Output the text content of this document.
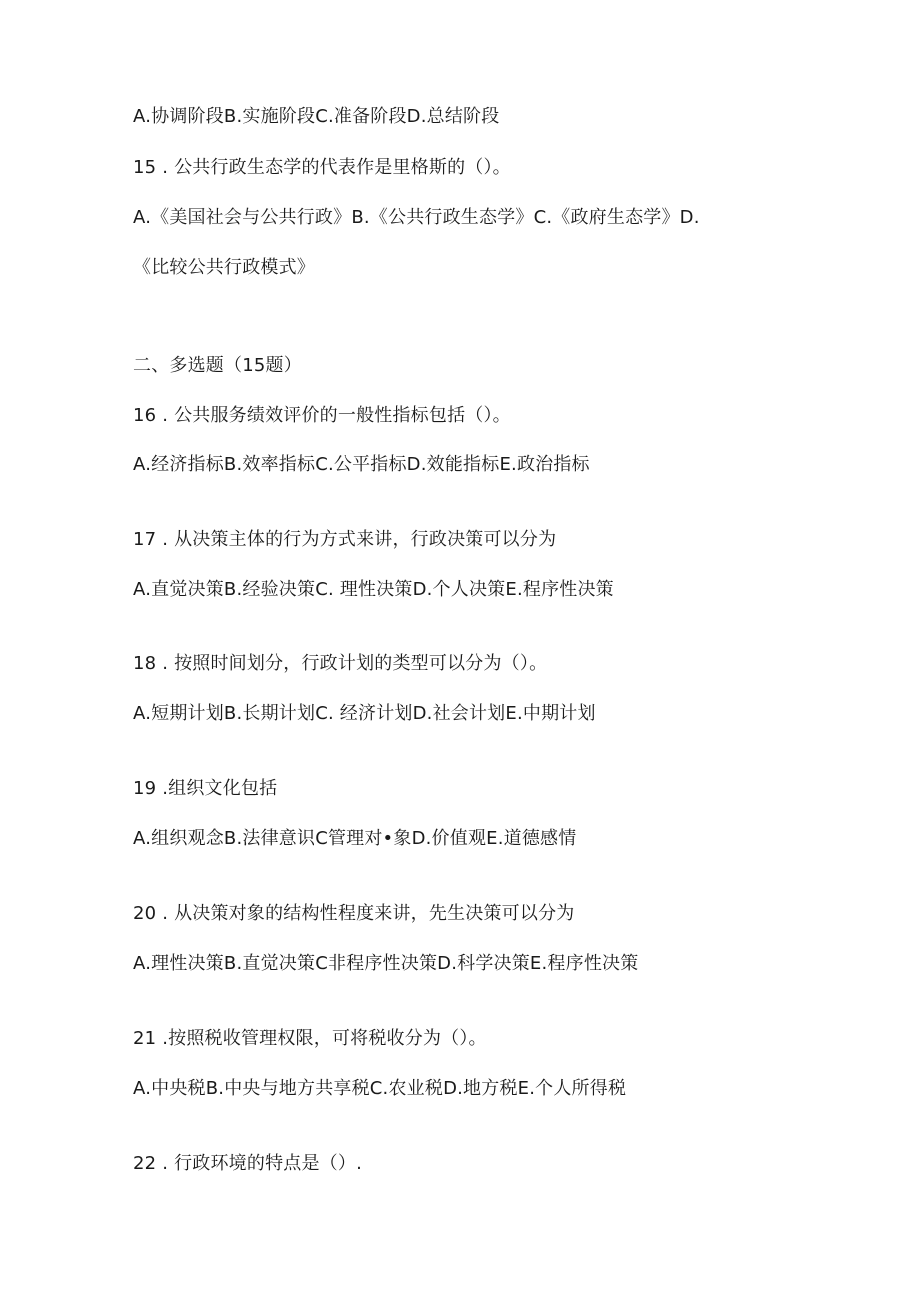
A.协调阶段B.实施阶段C.准备阶段D.总结阶段
15 . 公共行政生态学的代表作是里格斯的（）。
A.《美国社会与公共行政》B.《公共行政生态学》C.《政府生态学》D.
《比较公共行政模式》
二、多选题（15题）
16 . 公共服务绩效评价的一般性指标包括（）。
A.经济指标B.效率指标C.公平指标D.效能指标E.政治指标
17 . 从决策主体的行为方式来讲，行政决策可以分为
A.直觉决策B.经验决策C. 理性决策D.个人决策E.程序性决策
18 . 按照时间划分，行政计划的类型可以分为（）。
A.短期计划B.长期计划C. 经济计划D.社会计划E.中期计划
19 .组织文化包括
A.组织观念B.法律意识C管理对•象D.价值观E.道德感情
20 . 从决策对象的结构性程度来讲，先生决策可以分为
A.理性决策B.直觉决策C非程序性决策D.科学决策E.程序性决策
21 .按照税收管理权限，可将税收分为（）。
A.中央税B.中央与地方共享税C.农业税D.地方税E.个人所得税
22 . 行政环境的特点是（）.
